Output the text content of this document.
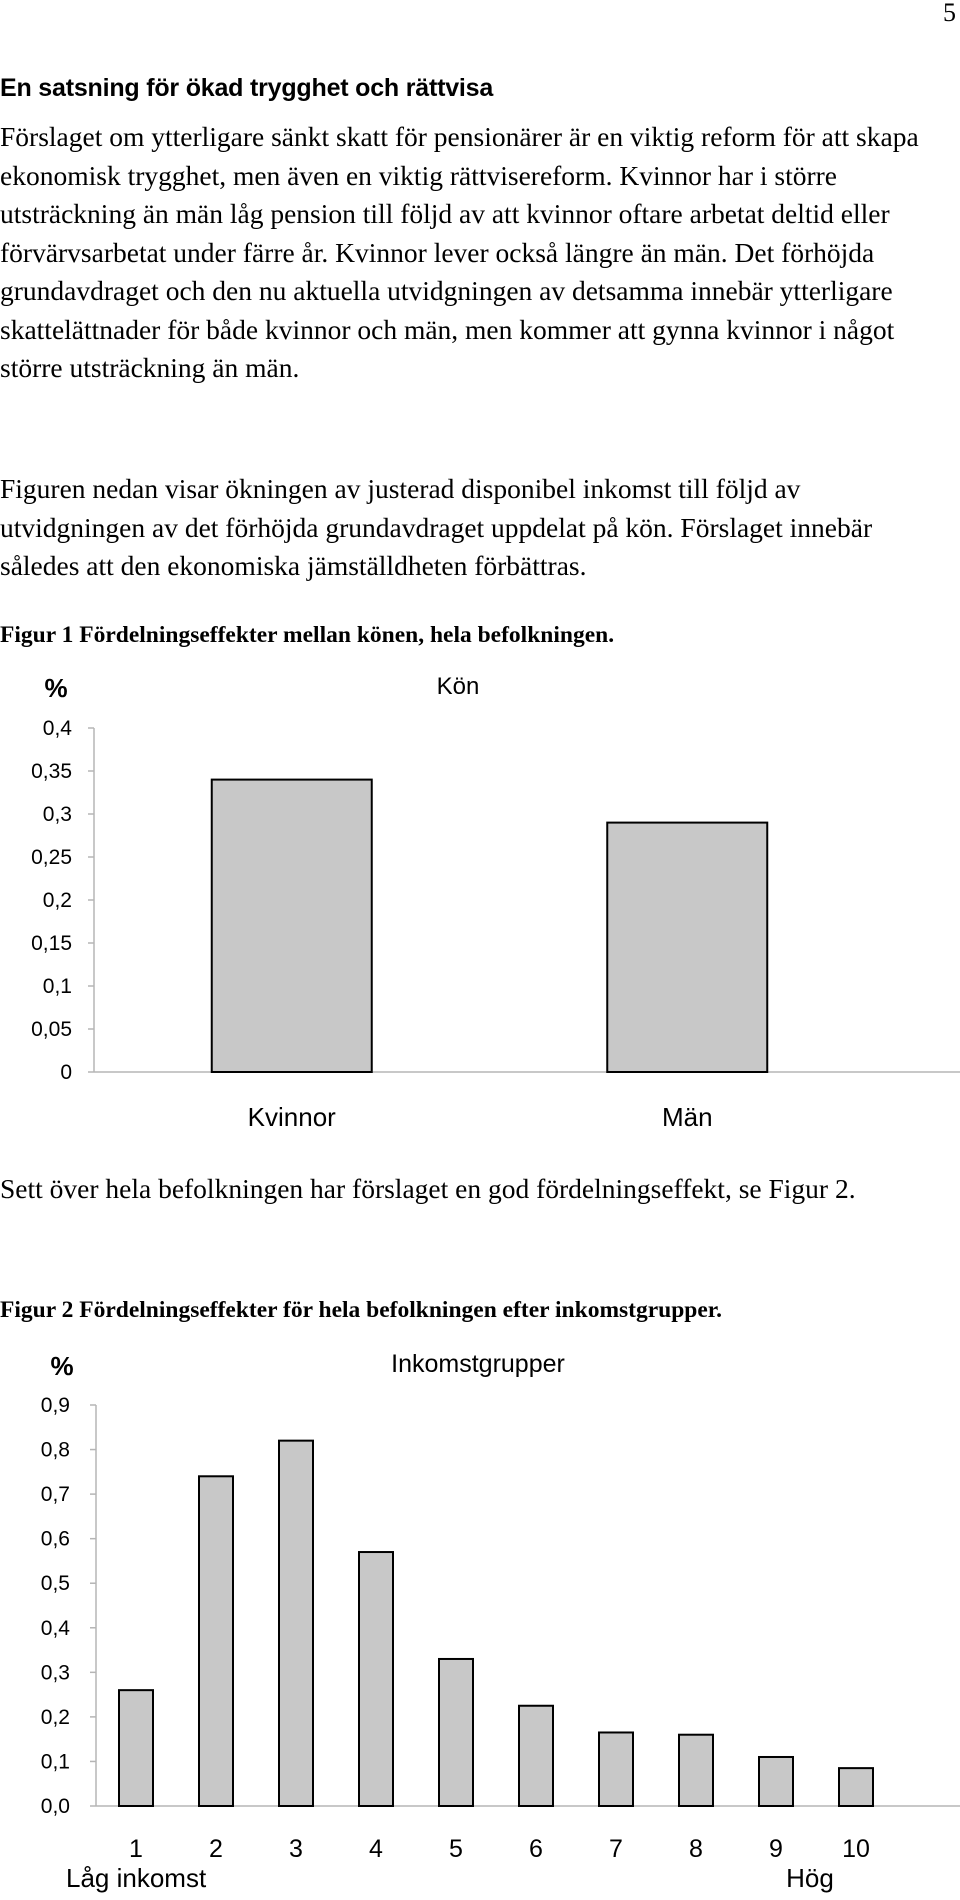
5
En satsning för ökad trygghet och rättvisa

Förslaget om ytterligare sänkt skatt för pensionärer är en viktig reform för att skapa ekonomisk trygghet, men även en viktig rättvisereform. Kvinnor har i större utsträckning än män låg pension till följd av att kvinnor oftare arbetat deltid eller förvärvsarbetat under färre år. Kvinnor lever också längre än män. Det förhöjda grundavdraget och den nu aktuella utvidgningen av detsamma innebär ytterligare skattelättnader för både kvinnor och män, men kommer att gynna kvinnor i något större utsträckning än män.

Figuren nedan visar ökningen av justerad disponibel inkomst till följd av utvidgningen av det förhöjda grundavdraget uppdelat på kön. Förslaget innebär således att den ekonomiska jämställdheten förbättras.

Figur 1 Fördelningseffekter mellan könen, hela befolkningen.
%	Kön
0
0,05
0,1
0,15
0,2
0,25
0,3
0,35
0,4
Kvinnor	Män

Sett över hela befolkningen har förslaget en god fördelningseffekt, se Figur 2.

Figur 2 Fördelningseffekter för hela befolkningen efter inkomstgrupper.
%	Inkomstgrupper
0,0
0,1
0,2
0,3
0,4
0,5
0,6
0,7
0,8
0,9
1	2	3	4	5	6	7	8	9 10
Låg inkomst	Hög
